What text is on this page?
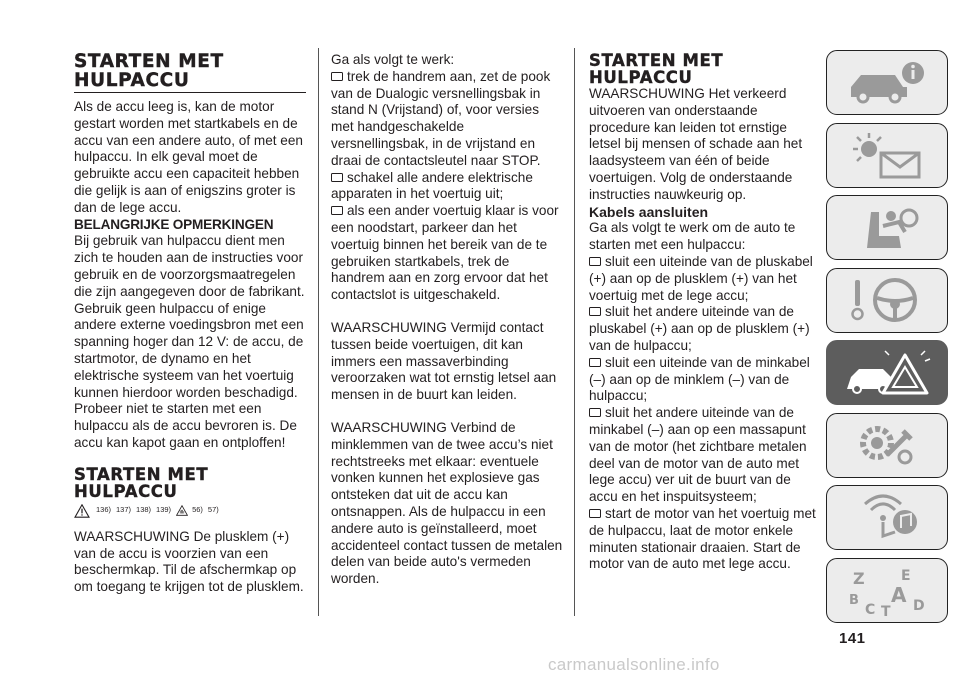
STARTEN MET

HULPACCU

Als de accu leeg is, kan de motor gestart worden met startkabels en de accu van een andere auto, of met een hulpaccu. In elk geval moet de gebruikte accu een capaciteit hebben die gelijk is aan of enigszins groter is dan de lege accu.

BELANGRIJKE OPMERKINGEN

Bij gebruik van hulpaccu dient men zich te houden aan de instructies voor gebruik en de voorzorgsmaatregelen die zijn aangegeven door de fabrikant. Gebruik geen hulpaccu of enige andere externe voedingsbron met een spanning hoger dan 12 V: de accu, de startmotor, de dynamo en het elektrische systeem van het voertuig kunnen hierdoor worden beschadigd. Probeer niet te starten met een hulpaccu als de accu bevroren is. De accu kan kapot gaan en ontploffen!

STARTEN MET

HULPACCU

136) 137) 138) 139)	56) 57)

WAARSCHUWING De plusklem (+) van de accu is voorzien van een beschermkap. Til de afschermkap op om toegang te krijgen tot de plusklem.

Ga als volgt te werk:

trek de handrem aan, zet de pook van de Dualogic versnellingsbak in stand N (Vrijstand) of, voor versies met handgeschakelde versnellingsbak, in de vrijstand en draai de contactsleutel naar STOP.

schakel alle andere elektrische apparaten in het voertuig uit;

als een ander voertuig klaar is voor een noodstart, parkeer dan het voertuig binnen het bereik van de te gebruiken startkabels, trek de handrem aan en zorg ervoor dat het contactslot is uitgeschakeld.

WAARSCHUWING Vermijd contact tussen beide voertuigen, dit kan immers een massaverbinding veroorzaken wat tot ernstig letsel aan mensen in de buurt kan leiden.

WAARSCHUWING Verbind de minklemmen van de twee accu’s niet rechtstreeks met elkaar: eventuele vonken kunnen het explosieve gas ontsteken dat uit de accu kan ontsnappen. Als de hulpaccu in een andere auto is geïnstalleerd, moet accidenteel contact tussen de metalen delen van beide auto's vermeden worden.

STARTEN MET

HULPACCU

WAARSCHUWING Het verkeerd uitvoeren van onderstaande procedure kan leiden tot ernstige letsel bij mensen of schade aan het laadsysteem van één of beide voertuigen. Volg de onderstaande instructies nauwkeurig op.

Kabels aansluiten

Ga als volgt te werk om de auto te starten met een hulpaccu:

sluit een uiteinde van de pluskabel (+) aan op de plusklem (+) van het voertuig met de lege accu;

sluit het andere uiteinde van de pluskabel (+) aan op de plusklem (+) van de hulpaccu;

sluit een uiteinde van de minkabel (–) aan op de minklem (–) van de hulpaccu;

sluit het andere uiteinde van de minkabel (–) aan op een massapunt van de motor (het zichtbare metalen deel van de motor van de auto met lege accu) ver uit de buurt van de accu en het inspuitsysteem;

start de motor van het voertuig met de hulpaccu, laat de motor enkele minuten stationair draaien. Start de motor van de auto met lege accu.

Z	E
B A
C	D
T
141
carmanualsonline.info
